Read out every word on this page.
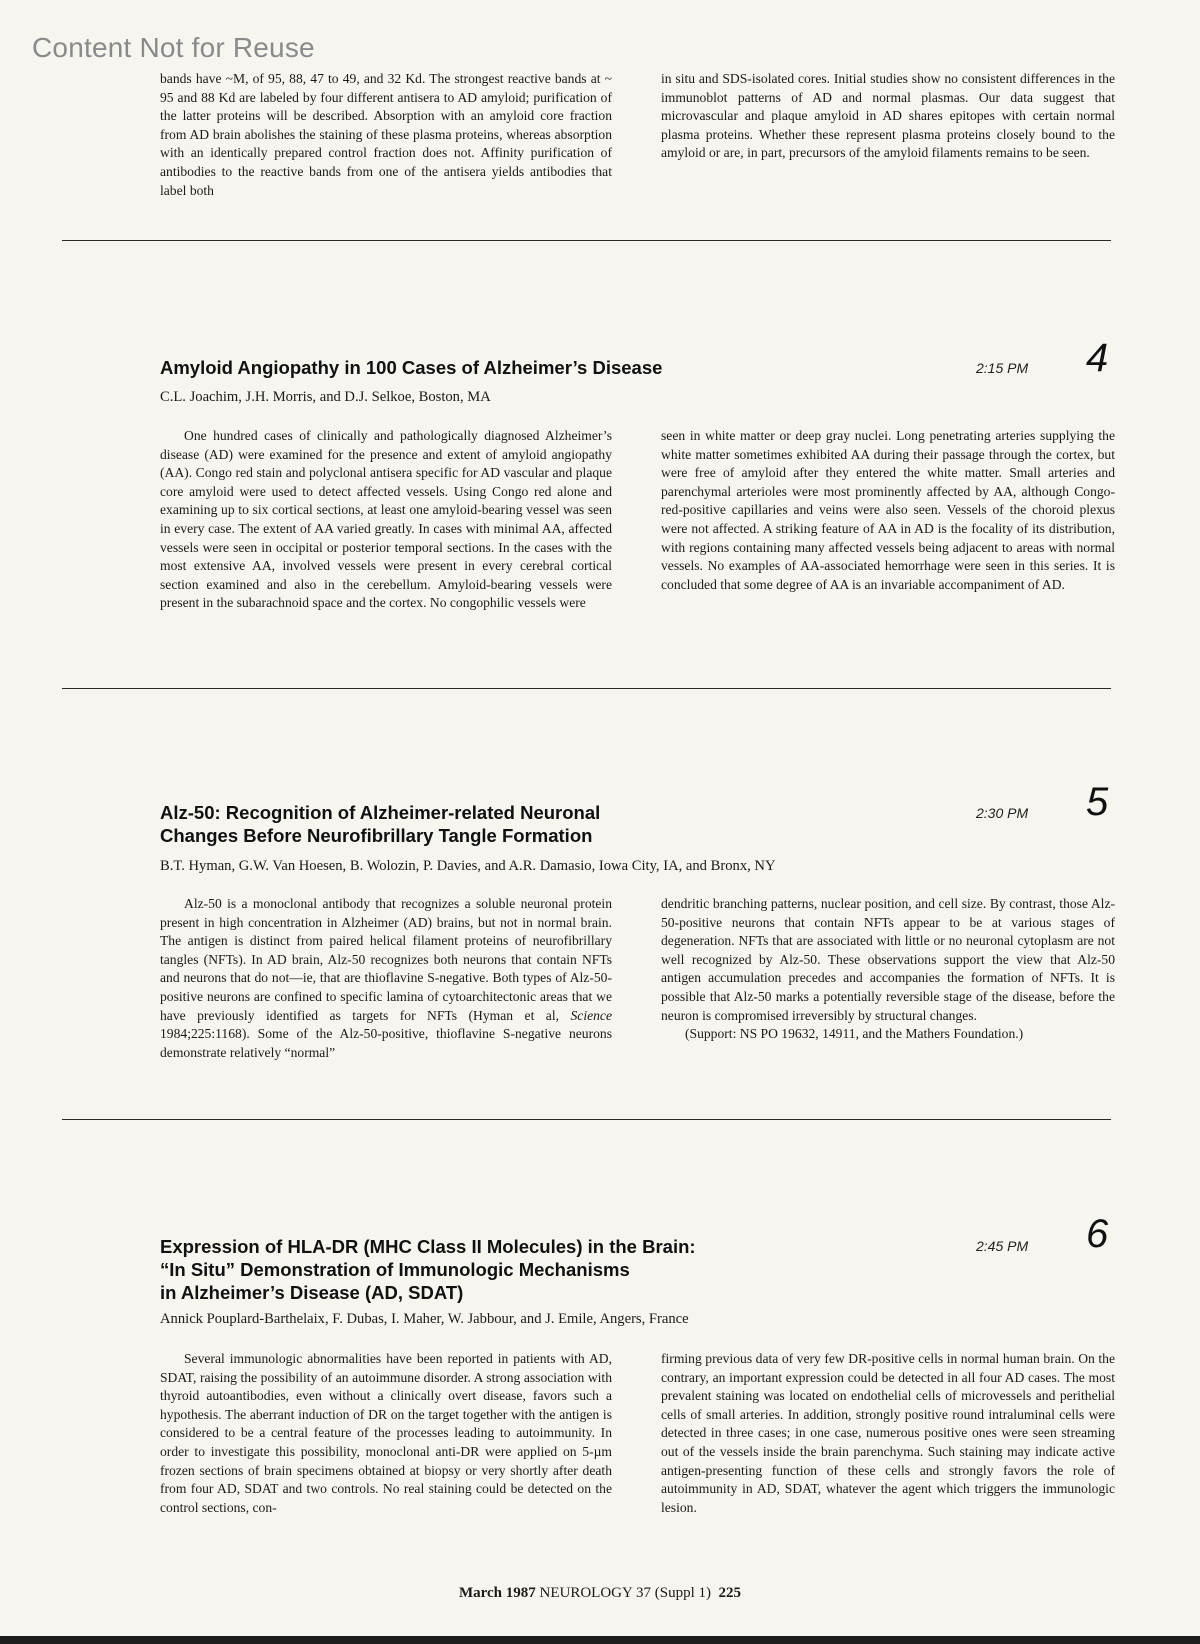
Content Not for Reuse

bands have ~M, of 95, 88, 47 to 49, and 32 Kd. The strongest reactive bands at ~ 95 and 88 Kd are labeled by four different antisera to AD amyloid; purification of the latter proteins will be described. Absorption with an amyloid core fraction from AD brain abolishes the staining of these plasma proteins, whereas absorption with an identically prepared control fraction does not. Affinity purification of antibodies to the reactive bands from one of the antisera yields antibodies that label both

in situ and SDS-isolated cores. Initial studies show no consistent differences in the immunoblot patterns of AD and normal plasmas. Our data suggest that microvascular and plaque amyloid in AD shares epitopes with certain normal plasma proteins. Whether these represent plasma proteins closely bound to the amyloid or are, in part, precursors of the amyloid filaments remains to be seen.

Amyloid Angiopathy in 100 Cases of Alzheimer’s Disease	2:15 PM 4
C.L. Joachim, J.H. Morris, and D.J. Selkoe, Boston, MA

One hundred cases of clinically and pathologically diagnosed Alzheimer’s disease (AD) were examined for the presence and extent of amyloid angiopathy (AA). Congo red stain and polyclonal antisera specific for AD vascular and plaque core amyloid were used to detect affected vessels. Using Congo red alone and examining up to six cortical sections, at least one amyloid-bearing vessel was seen in every case. The extent of AA varied greatly. In cases with minimal AA, affected vessels were seen in occipital or posterior temporal sections. In the cases with the most extensive AA, involved vessels were present in every cerebral cortical section examined and also in the cerebellum. Amyloid-bearing vessels were present in the subarachnoid space and the cortex. No congophilic vessels were

seen in white matter or deep gray nuclei. Long penetrating arteries supplying the white matter sometimes exhibited AA during their passage through the cortex, but were free of amyloid after they entered the white matter. Small arteries and parenchymal arterioles were most prominently affected by AA, although Congo-red-positive capillaries and veins were also seen. Vessels of the choroid plexus were not affected. A striking feature of AA in AD is the focality of its distribution, with regions containing many affected vessels being adjacent to areas with normal vessels. No examples of AA-associated hemorrhage were seen in this series. It is concluded that some degree of AA is an invariable accompaniment of AD.

Alz-50: Recognition of Alzheimer-related Neuronal
Changes Before Neurofibrillary Tangle Formation
2:30 PM 5
B.T. Hyman, G.W. Van Hoesen, B. Wolozin, P. Davies, and A.R. Damasio, Iowa City, IA, and Bronx, NY

Alz-50 is a monoclonal antibody that recognizes a soluble neuronal protein present in high concentration in Alzheimer (AD) brains, but not in normal brain. The antigen is distinct from paired helical filament proteins of neurofibrillary tangles (NFTs). In AD brain, Alz-50 recognizes both neurons that contain NFTs and neurons that do not—ie, that are thioflavine S-negative. Both types of Alz-50-positive neurons are confined to specific lamina of cytoarchitectonic areas that we have previously identified as targets for NFTs (Hyman et al, Science 1984;225:1168). Some of the Alz-50-positive, thioflavine S-negative neurons demonstrate relatively “normal”

dendritic branching patterns, nuclear position, and cell size. By contrast, those Alz-50-positive neurons that contain NFTs appear to be at various stages of degeneration. NFTs that are associated with little or no neuronal cytoplasm are not well recognized by Alz-50. These observations support the view that Alz-50 antigen accumulation precedes and accompanies the formation of NFTs. It is possible that Alz-50 marks a potentially reversible stage of the disease, before the neuron is compromised irreversibly by structural changes.

(Support: NS PO 19632, 14911, and the Mathers Foundation.)

Expression of HLA-DR (MHC Class II Molecules) in the Brain:
“In Situ” Demonstration of Immunologic Mechanisms
in Alzheimer’s Disease (AD, SDAT)
2:45 PM 6
Annick Pouplard-Barthelaix, F. Dubas, I. Maher, W. Jabbour, and J. Emile, Angers, France

Several immunologic abnormalities have been reported in patients with AD, SDAT, raising the possibility of an autoimmune disorder. A strong association with thyroid autoantibodies, even without a clinically overt disease, favors such a hypothesis. The aberrant induction of DR on the target together with the antigen is considered to be a central feature of the processes leading to autoimmunity. In order to investigate this possibility, monoclonal anti-DR were applied on 5-µm frozen sections of brain specimens obtained at biopsy or very shortly after death from four AD, SDAT and two controls. No real staining could be detected on the control sections, con-

firming previous data of very few DR-positive cells in normal human brain. On the contrary, an important expression could be detected in all four AD cases. The most prevalent staining was located on endothelial cells of microvessels and perithelial cells of small arteries. In addition, strongly positive round intraluminal cells were detected in three cases; in one case, numerous positive ones were seen streaming out of the vessels inside the brain parenchyma. Such staining may indicate active antigen-presenting function of these cells and strongly favors the role of autoimmunity in AD, SDAT, whatever the agent which triggers the immunologic lesion.

March 1987 NEUROLOGY 37 (Suppl 1) 225
